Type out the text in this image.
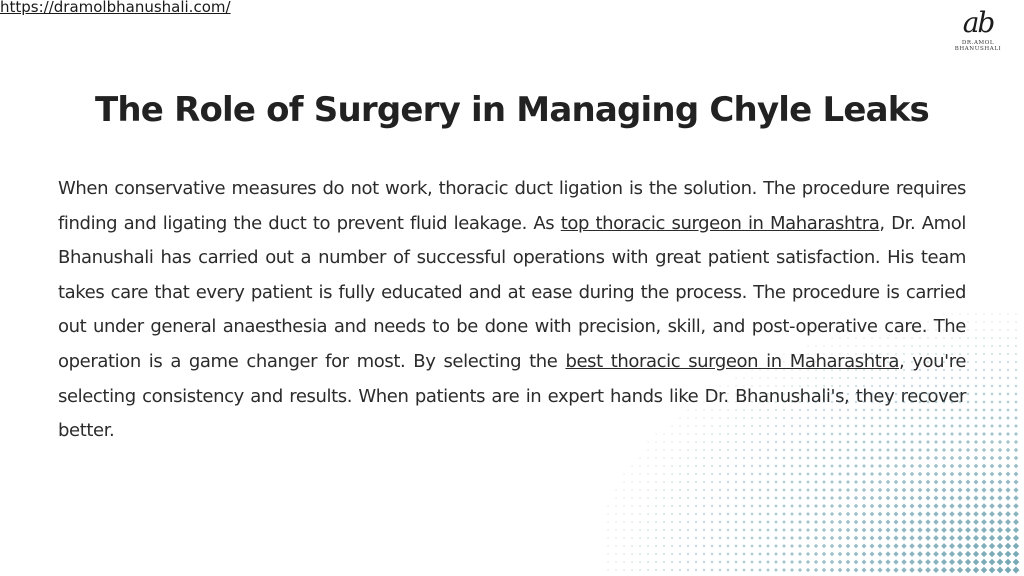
https://dramolbhanushali.com/	ab
DR.AMOL BHANUSHALI
The Role of Surgery in Managing Chyle Leaks

When conservative measures do not work, thoracic duct ligation is the solution. The procedure requires finding and ligating the duct to prevent fluid leakage. As top thoracic surgeon in Maharashtra, Dr. Amol Bhanushali has carried out a number of successful operations with great patient satisfaction. His team takes care that every patient is fully educated and at ease during the process. The procedure is carried out under general anaesthesia and needs to be done with precision, skill, and post-operative care. The operation is a game changer for most. By selecting the best thoracic surgeon in Maharashtra, you're selecting consistency and results. When patients are in expert hands like Dr. Bhanushali's, they recover better.
